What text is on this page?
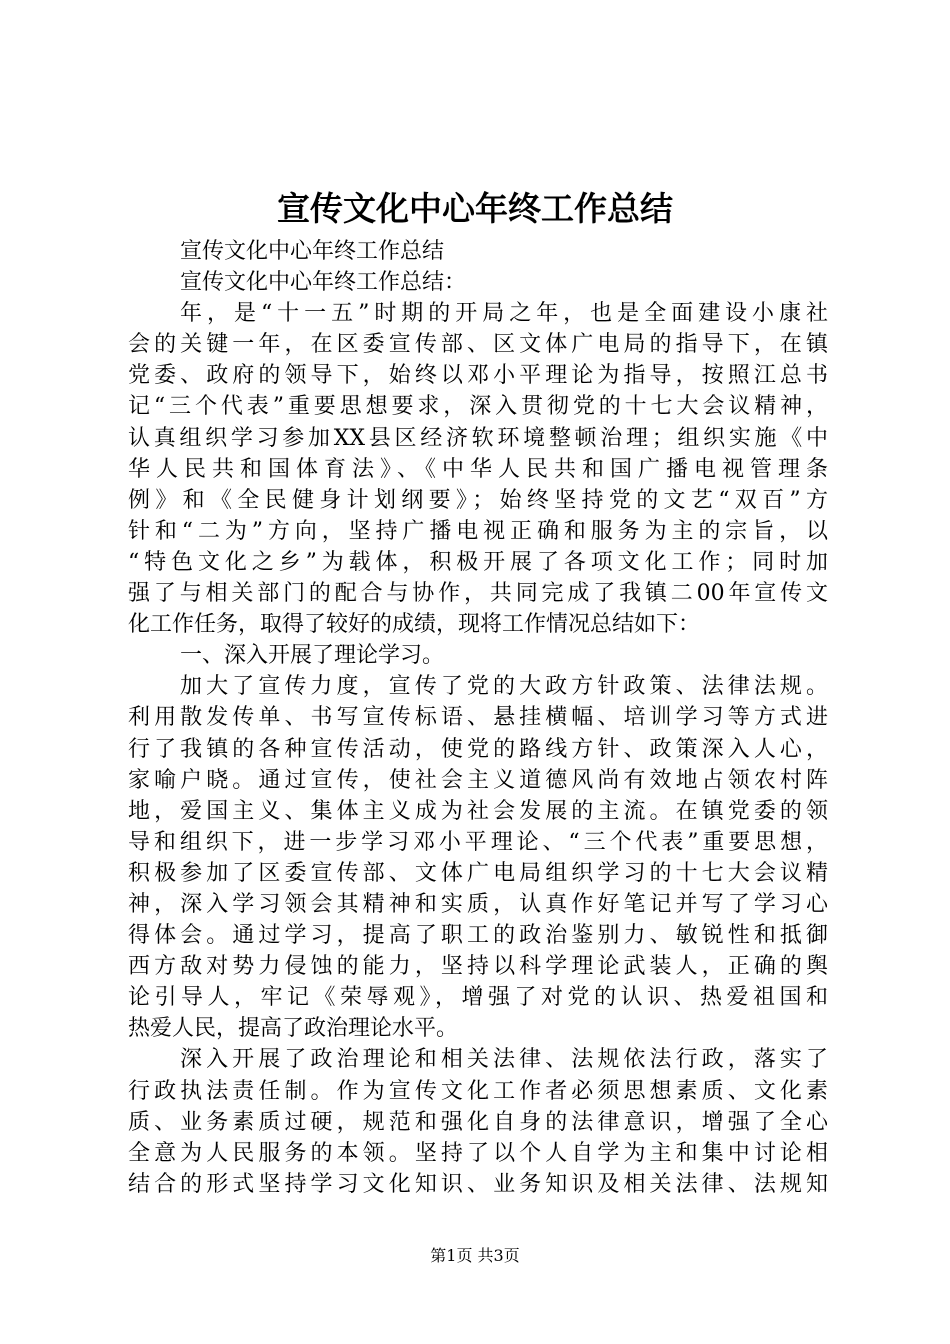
宣传文化中心年终工作总结
宣传文化中心年终工作总结
宣传文化中心年终工作总结：
年，是“十一五”时期的开局之年，也是全面建设小康社
会的关键一年，在区委宣传部、区文体广电局的指导下，在镇
党委、政府的领导下，始终以邓小平理论为指导，按照江总书
记“三个代表”重要思想要求，深入贯彻党的十七大会议精神，
认真组织学习参加XX县区经济软环境整顿治理；组织实施《中
华人民共和国体育法》、《中华人民共和国广播电视管理条
例》和《全民健身计划纲要》；始终坚持党的文艺“双百”方
针和“二为”方向，坚持广播电视正确和服务为主的宗旨，以
“特色文化之乡”为载体，积极开展了各项文化工作；同时加
强了与相关部门的配合与协作，共同完成了我镇二00年宣传文
化工作任务，取得了较好的成绩，现将工作情况总结如下：
一、深入开展了理论学习。
加大了宣传力度，宣传了党的大政方针政策、法律法规。
利用散发传单、书写宣传标语、悬挂横幅、培训学习等方式进
行了我镇的各种宣传活动，使党的路线方针、政策深入人心，
家喻户晓。通过宣传，使社会主义道德风尚有效地占领农村阵
地，爱国主义、集体主义成为社会发展的主流。在镇党委的领
导和组织下，进一步学习邓小平理论、“三个代表”重要思想，
积极参加了区委宣传部、文体广电局组织学习的十七大会议精
神，深入学习领会其精神和实质，认真作好笔记并写了学习心
得体会。通过学习，提高了职工的政治鉴别力、敏锐性和抵御
西方敌对势力侵蚀的能力，坚持以科学理论武装人，正确的舆
论引导人，牢记《荣辱观》，增强了对党的认识、热爱祖国和
热爱人民，提高了政治理论水平。
深入开展了政治理论和相关法律、法规依法行政，落实了
行政执法责任制。作为宣传文化工作者必须思想素质、文化素
质、业务素质过硬，规范和强化自身的法律意识，增强了全心
全意为人民服务的本领。坚持了以个人自学为主和集中讨论相
结合的形式坚持学习文化知识、业务知识及相关法律、法规知
第1页 共3页
